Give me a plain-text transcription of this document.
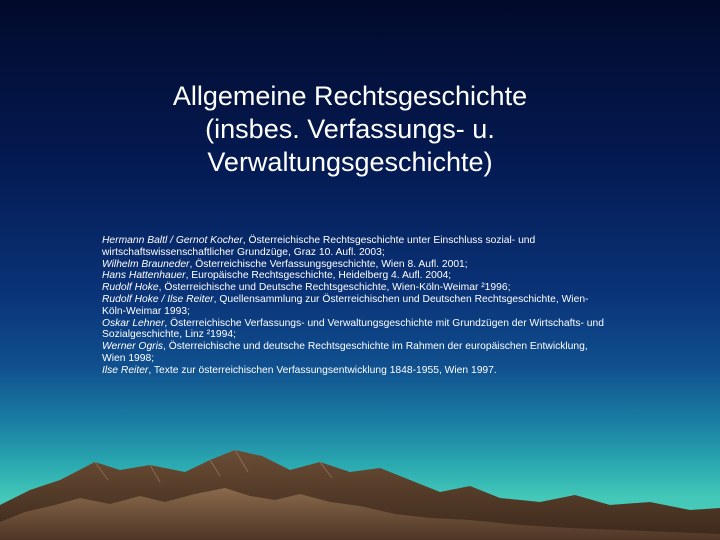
Allgemeine Rechtsgeschichte
(insbes. Verfassungs- u.
Verwaltungsgeschichte)
Hermann Baltl / Gernot Kocher, Österreichische Rechtsgeschichte unter Einschluss sozial- und wirtschaftswissenschaftlicher Grundzüge, Graz 10. Aufl. 2003;
Wilhelm Brauneder, Österreichische Verfassungsgeschichte, Wien 8. Aufl. 2001;
Hans Hattenhauer, Europäische Rechtsgeschichte, Heidelberg 4. Aufl. 2004;
Rudolf Hoke, Österreichische und Deutsche Rechtsgeschichte, Wien-Köln-Weimar ²1996;
Rudolf Hoke / Ilse Reiter, Quellensammlung zur Österreichischen und Deutschen Rechtsgeschichte, Wien-Köln-Weimar 1993;
Oskar Lehner, Österreichische Verfassungs- und Verwaltungsgeschichte mit Grundzügen der Wirtschafts- und Sozialgeschichte, Linz ²1994;
Werner Ogris, Österreichische und deutsche Rechtsgeschichte im Rahmen der europäischen Entwicklung, Wien 1998;
Ilse Reiter, Texte zur österreichischen Verfassungsentwicklung 1848-1955, Wien 1997.
